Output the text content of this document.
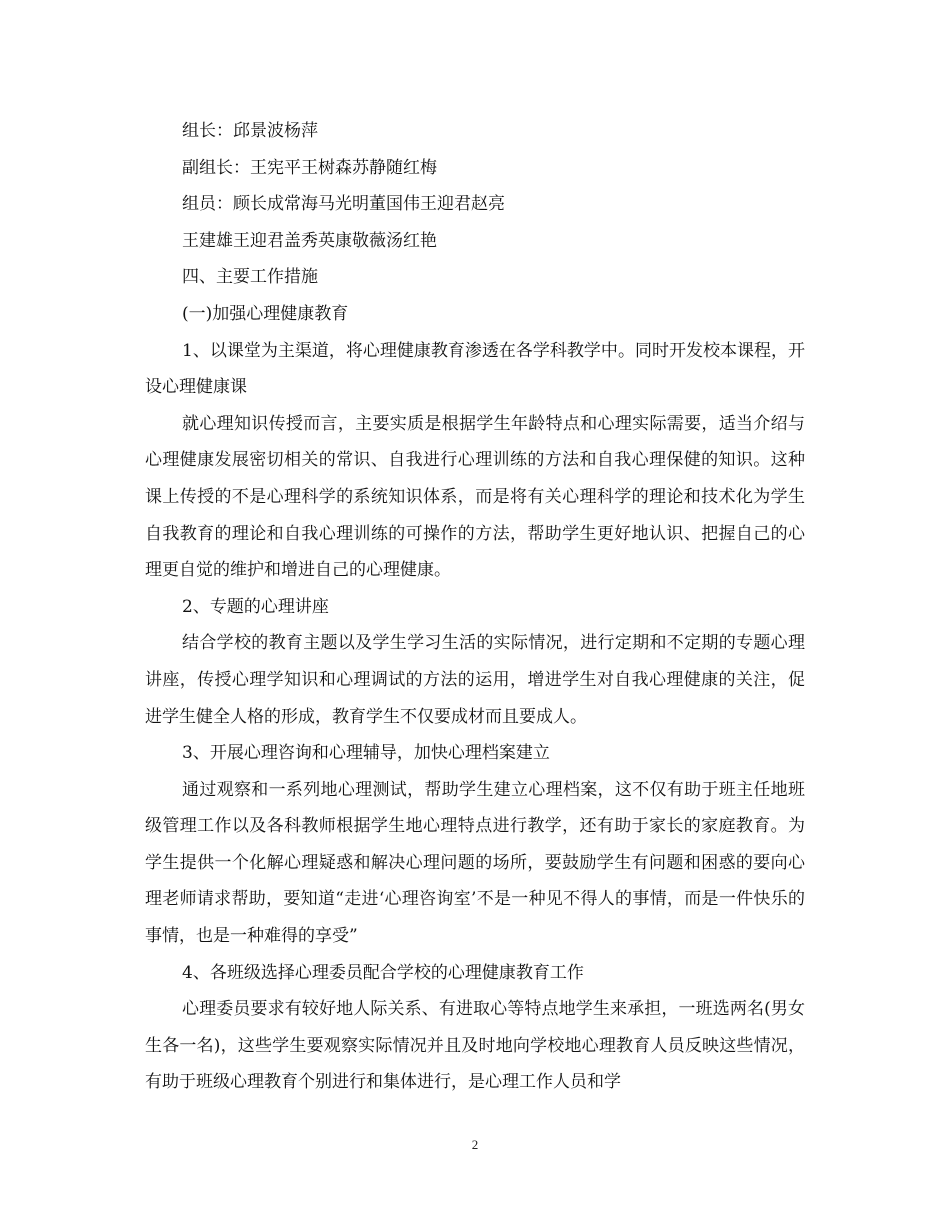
组长：邱景波杨萍

副组长：王宪平王树森苏静随红梅

组员：顾长成常海马光明董国伟王迎君赵亮

王建雄王迎君盖秀英康敬薇汤红艳

四、主要工作措施

(一)加强心理健康教育

1、以课堂为主渠道，将心理健康教育渗透在各学科教学中。同时开发校本课程，开设心理健康课

就心理知识传授而言，主要实质是根据学生年龄特点和心理实际需要，适当介绍与心理健康发展密切相关的常识、自我进行心理训练的方法和自我心理保健的知识。这种课上传授的不是心理科学的系统知识体系，而是将有关心理科学的理论和技术化为学生自我教育的理论和自我心理训练的可操作的方法，帮助学生更好地认识、把握自己的心理更自觉的维护和增进自己的心理健康。

2、专题的心理讲座

结合学校的教育主题以及学生学习生活的实际情况，进行定期和不定期的专题心理讲座，传授心理学知识和心理调试的方法的运用，增进学生对自我心理健康的关注，促进学生健全人格的形成，教育学生不仅要成材而且要成人。

3、开展心理咨询和心理辅导，加快心理档案建立

通过观察和一系列地心理测试，帮助学生建立心理档案，这不仅有助于班主任地班级管理工作以及各科教师根据学生地心理特点进行教学，还有助于家长的家庭教育。为学生提供一个化解心理疑惑和解决心理问题的场所，要鼓励学生有问题和困惑的要向心理老师请求帮助，要知道“走进‘心理咨询室’不是一种见不得人的事情，而是一件快乐的事情，也是一种难得的享受”

4、各班级选择心理委员配合学校的心理健康教育工作

心理委员要求有较好地人际关系、有进取心等特点地学生来承担，一班选两名(男女生各一名)，这些学生要观察实际情况并且及时地向学校地心理教育人员反映这些情况，有助于班级心理教育个别进行和集体进行，是心理工作人员和学

2
